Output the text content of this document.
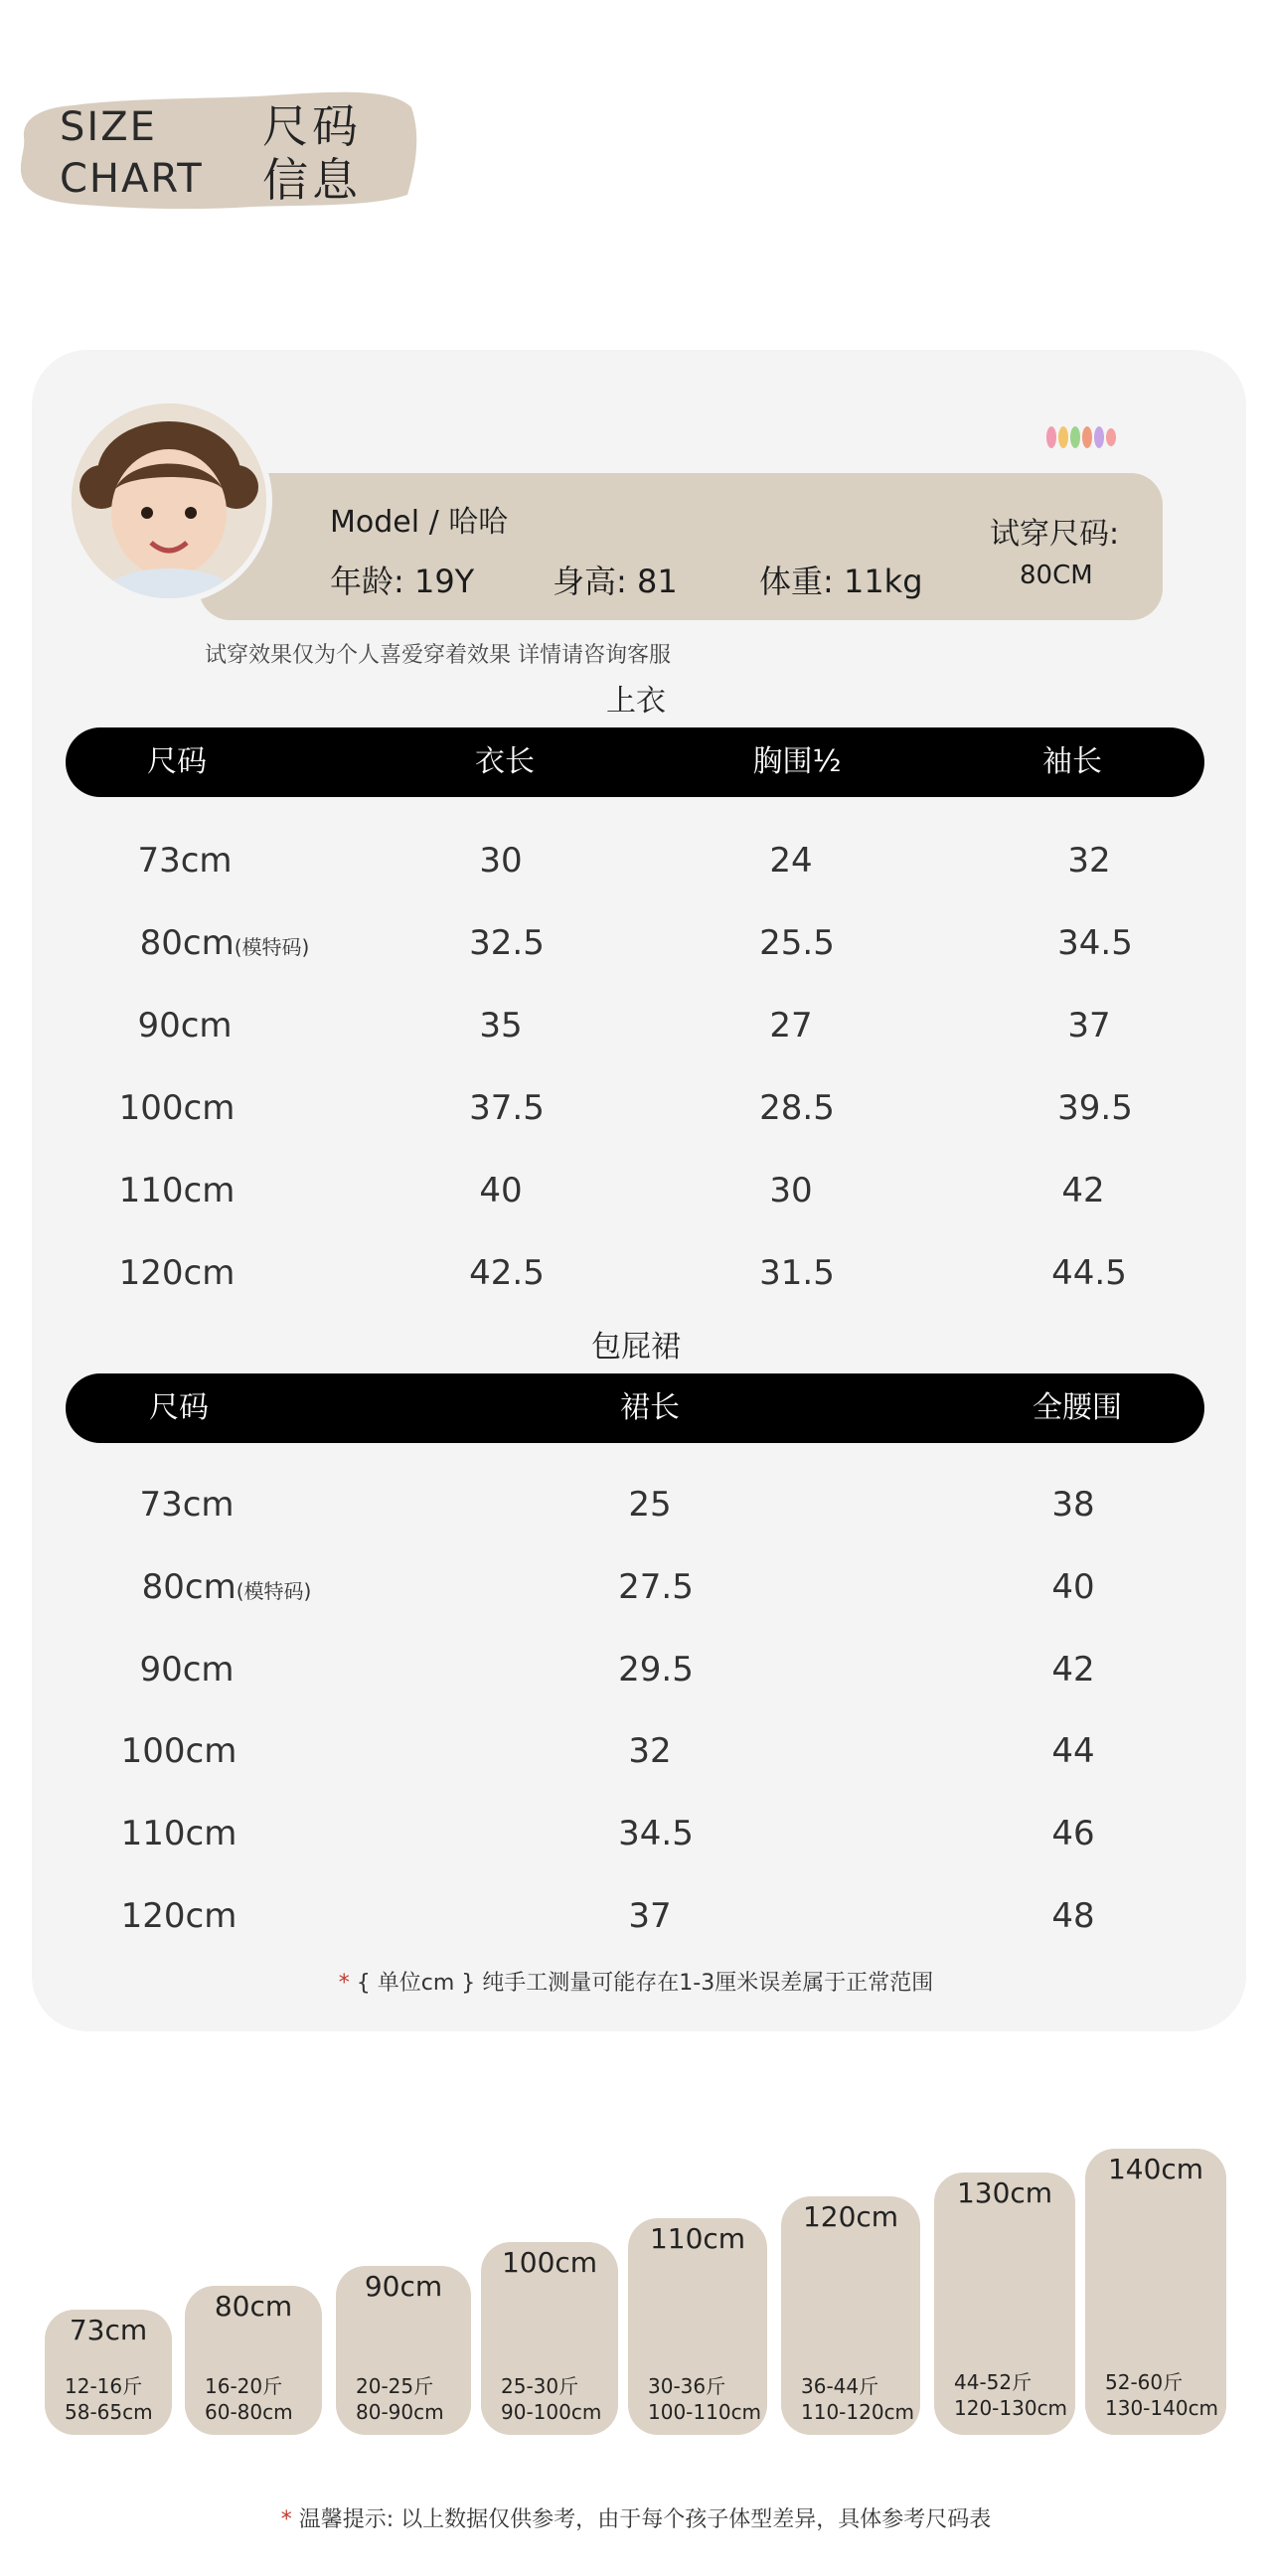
SIZE
CHART
尺码
信息
Model / 哈哈
年龄: 19Y 身高: 81	体重: 11kg
试穿尺码:
80CM
试穿效果仅为个人喜爱穿着效果 详情请咨询客服
上衣
尺码	衣长	胸围½	袖长
73cm	30	24	32
80cm(模特码)	32.5	25.5	34.5
90cm	35	27	37
100cm	37.5	28.5	39.5
110cm	40	30	42
120cm	42.5	31.5	44.5
包屁裙
尺码	裙长	全腰围
73cm	25	38
80cm(模特码)	27.5	40
90cm	29.5	42
100cm	32	44
110cm	34.5	46
120cm	37	48
* { 单位cm } 纯手工测量可能存在1-3厘米误差属于正常范围
73cm
12-16斤
58-65cm
80cm
16-20斤
60-80cm
90cm
20-25斤
80-90cm
100cm
25-30斤
90-100cm
110cm
30-36斤
100-110cm
120cm
36-44斤
110-120cm
130cm
44-52斤
120-130cm
140cm
52-60斤
130-140cm
* 温馨提示: 以上数据仅供参考，由于每个孩子体型差异，具体参考尺码表
